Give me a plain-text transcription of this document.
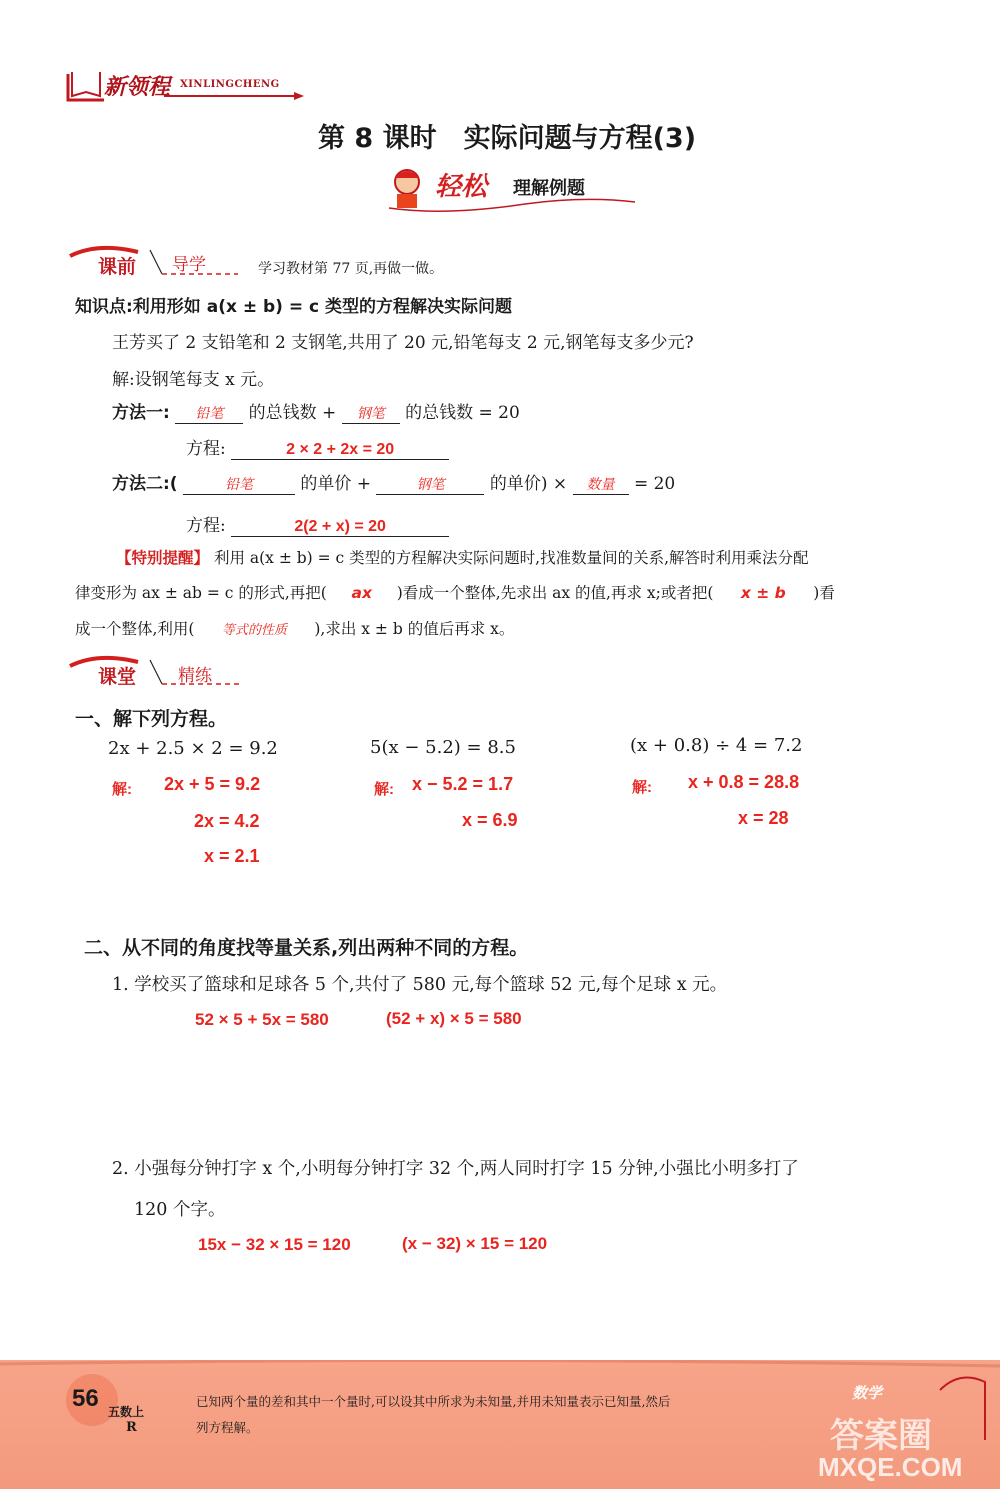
新领程 XINLINGCHENG
第 8 课时　实际问题与方程(3)
轻松 理解例题
课前 导学	学习教材第 77 页,再做一做。
知识点:利用形如 a(x ± b) = c 类型的方程解决实际问题
王芳买了 2 支铅笔和 2 支钢笔,共用了 20 元,铅笔每支 2 元,钢笔每支多少元?
解:设钢笔每支 x 元。
方法一: 铅笔 的总钱数 + 钢笔 的总钱数 = 20
方程:	2 × 2 + 2x = 20
方法二:(	铅笔	的单价 +	钢笔	的单价) × 数量 = 20
方程:	2(2 + x) = 20
【特别提醒】 利用 a(x ± b) = c 类型的方程解决实际问题时,找准数量间的关系,解答时利用乘法分配
律变形为 ax ± ab = c 的形式,再把( ax )看成一个整体,先求出 ax 的值,再求 x;或者把( x ± b )看
成一个整体,利用( 等式的性质 ),求出 x ± b 的值后再求 x。
课堂 精练
一、解下列方程。
2x + 2.5 × 2 = 9.2	5(x − 5.2) = 8.5	(x + 0.8) ÷ 4 = 7.2
解: 2x + 5 = 9.2
2x = 4.2
x = 2.1
解: x − 5.2 = 1.7
x = 6.9
解: x + 0.8 = 28.8
x = 28
二、从不同的角度找等量关系,列出两种不同的方程。
1. 学校买了篮球和足球各 5 个,共付了 580 元,每个篮球 52 元,每个足球 x 元。
52 × 5 + 5x = 580	(52 + x) × 5 = 580
2. 小强每分钟打字 x 个,小明每分钟打字 32 个,两人同时打字 15 分钟,小强比小明多打了
120 个字。
15x − 32 × 15 = 120	(x − 32) × 15 = 120
56 五数上
R
已知两个量的差和其中一个量时,可以设其中所求为未知量,并用未知量表示已知量,然后
列方程解。
数学
答案圈
MXQE.COM
